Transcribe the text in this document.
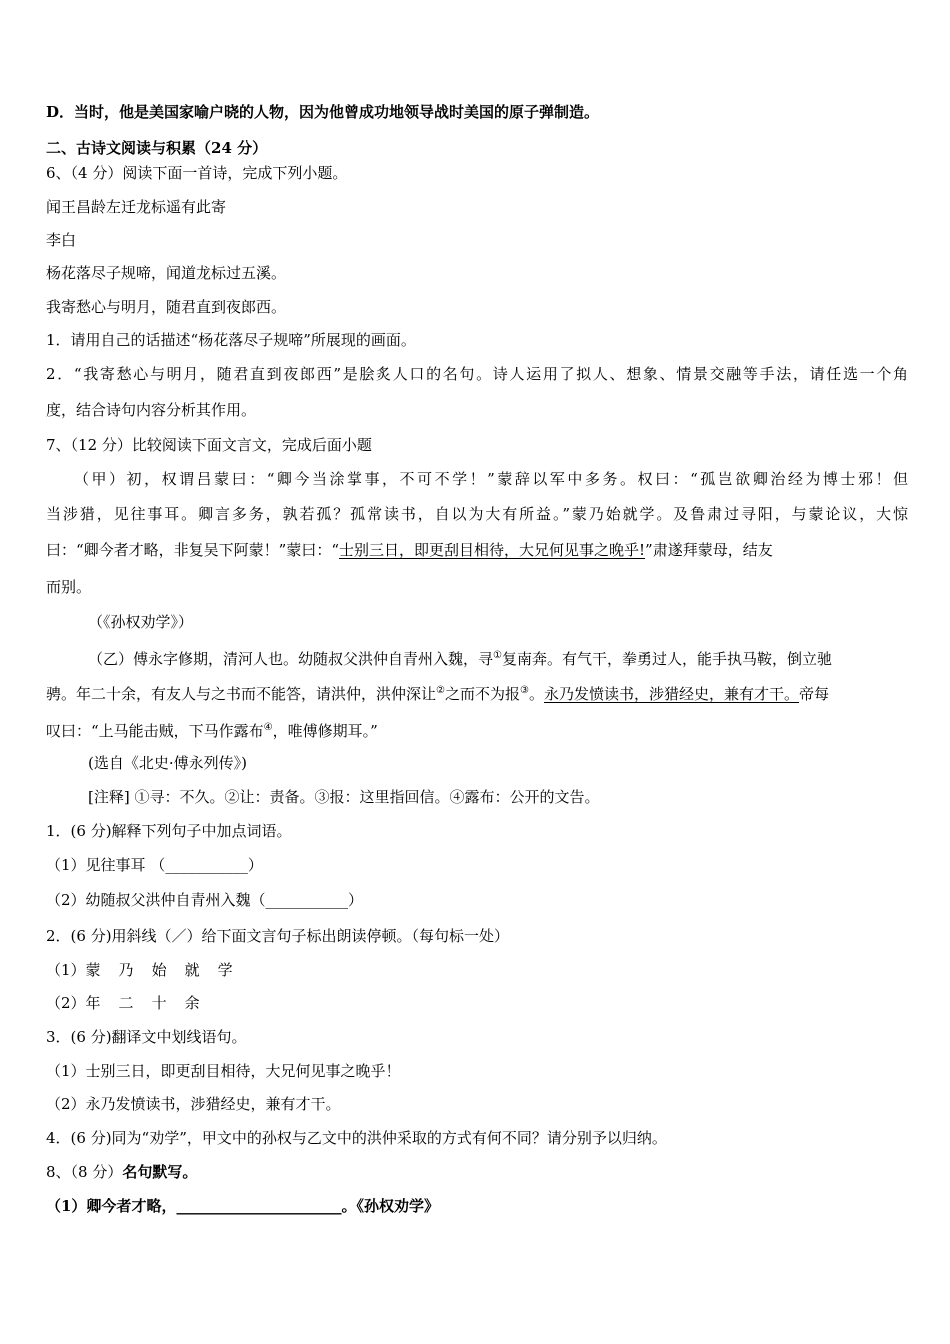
D．当时，他是美国家喻户晓的人物，因为他曾成功地领导战时美国的原子弹制造。
二、古诗文阅读与积累（24 分）
6、（4 分）阅读下面一首诗，完成下列小题。
闻王昌龄左迁龙标遥有此寄
李白
杨花落尽子规啼，闻道龙标过五溪。
我寄愁心与明月，随君直到夜郎西。
1．请用自己的话描述“杨花落尽子规啼”所展现的画面。
2．“我寄愁心与明月，随君直到夜郎西”是脍炙人口的名句。诗人运用了拟人、想象、情景交融等手法，请任选一个角
度，结合诗句内容分析其作用。
7、（12 分）比较阅读下面文言文，完成后面小题
（甲）初，权谓吕蒙曰：“卿今当涂掌事，不可不学！”蒙辞以军中多务。权曰：“孤岂欲卿治经为博士邪！但
当涉猎，见往事耳。卿言多务，孰若孤？孤常读书，自以为大有所益。”蒙乃始就学。及鲁肃过寻阳，与蒙论议，大惊
曰：“卿今者才略，非复吴下阿蒙！”蒙曰：“士别三日，即更刮目相待，大兄何见事之晚乎!”肃遂拜蒙母，结友
而别。
（《孙权劝学》）
（乙）傅永字修期，清河人也。幼随叔父洪仲自青州入魏，寻①复南奔。有气干，拳勇过人，能手执马鞍，倒立驰
骋。年二十余，有友人与之书而不能答，请洪仲，洪仲深让②之而不为报③。永乃发愤读书，涉猎经史，兼有才干。帝每
叹曰：“上马能击贼，下马作露布④，唯傅修期耳。”
(选自《北史·傅永列传》)
[注释] ①寻：不久。②让：责备。③报：这里指回信。④露布：公开的文告。
1．(6 分)解释下列句子中加点词语。
（1）见往事耳 （___________）
（2）幼随叔父洪仲自青州入魏（___________）
2．(6 分)用斜线（／）给下面文言句子标出朗读停顿。（每句标一处）
（1）蒙 乃 始 就 学
（2）年 二 十 余
3．(6 分)翻译文中划线语句。
（1）士别三日，即更刮目相待，大兄何见事之晚乎！
（2）永乃发愤读书，涉猎经史，兼有才干。
4．(6 分)同为“劝学”，甲文中的孙权与乙文中的洪仲采取的方式有何不同？请分别予以归纳。
8、（8 分）名句默写。
（1）卿今者才略，______________________。《孙权劝学》
